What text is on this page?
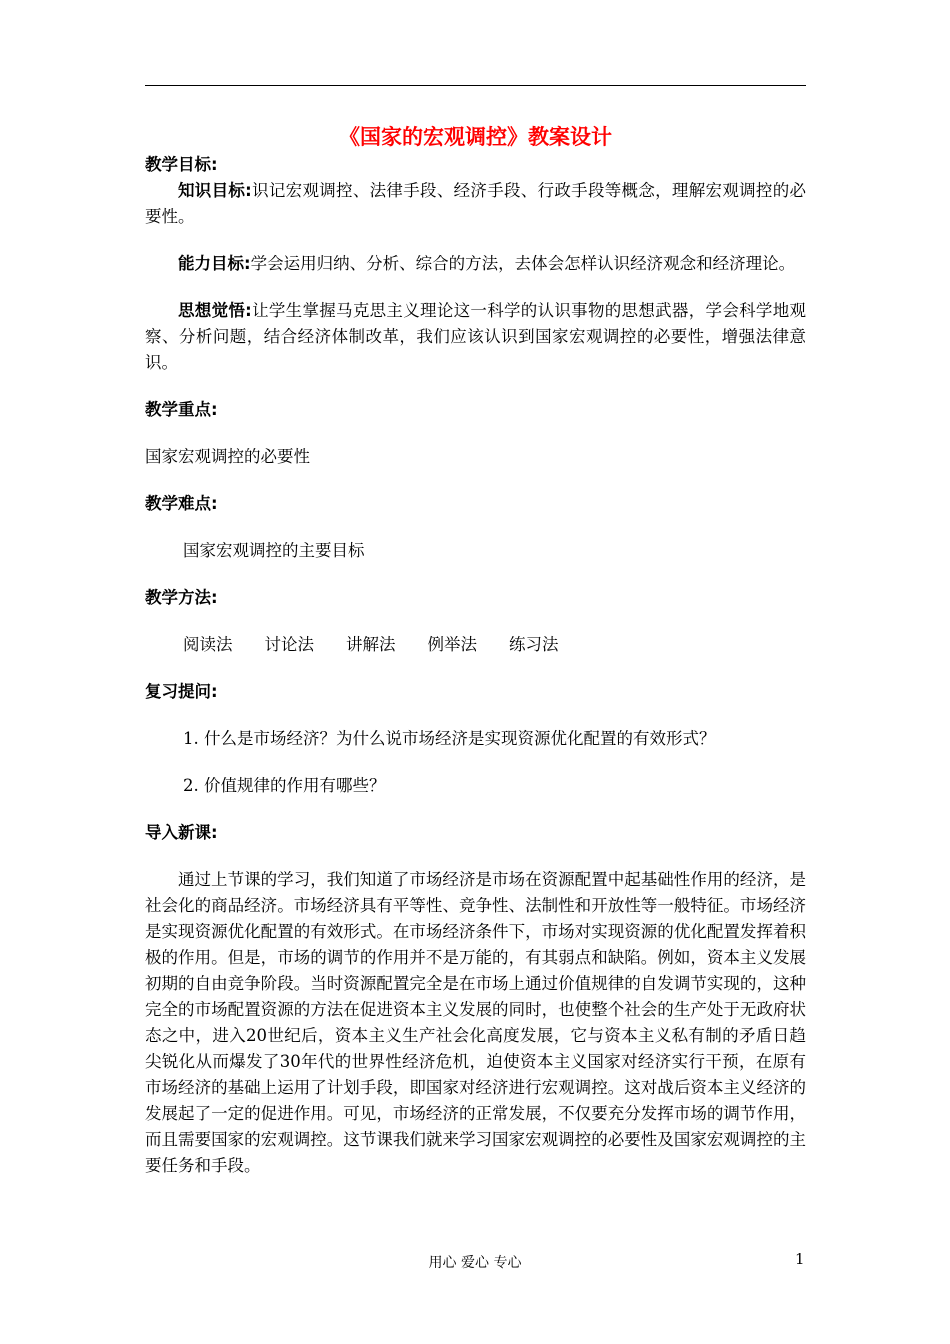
《国家的宏观调控》教案设计

教学目标:

知识目标:识记宏观调控、法律手段、经济手段、行政手段等概念，理解宏观调控的必要性。

能力目标:学会运用归纳、分析、综合的方法，去体会怎样认识经济观念和经济理论。

思想觉悟:让学生掌握马克思主义理论这一科学的认识事物的思想武器，学会科学地观察、分析问题，结合经济体制改革，我们应该认识到国家宏观调控的必要性，增强法律意识。

教学重点:

国家宏观调控的必要性

教学难点:

国家宏观调控的主要目标

教学方法:

阅读法 讨论法 讲解法 例举法 练习法

复习提问:

1. 什么是市场经济？为什么说市场经济是实现资源优化配置的有效形式？

2. 价值规律的作用有哪些？

导入新课:

通过上节课的学习，我们知道了市场经济是市场在资源配置中起基础性作用的经济，是社会化的商品经济。市场经济具有平等性、竞争性、法制性和开放性等一般特征。市场经济是实现资源优化配置的有效形式。在市场经济条件下，市场对实现资源的优化配置发挥着积极的作用。但是，市场的调节的作用并不是万能的，有其弱点和缺陷。例如，资本主义发展初期的自由竞争阶段。当时资源配置完全是在市场上通过价值规律的自发调节实现的，这种完全的市场配置资源的方法在促进资本主义发展的同时，也使整个社会的生产处于无政府状态之中，进入20世纪后，资本主义生产社会化高度发展，它与资本主义私有制的矛盾日趋尖锐化从而爆发了30年代的世界性经济危机，迫使资本主义国家对经济实行干预，在原有市场经济的基础上运用了计划手段，即国家对经济进行宏观调控。这对战后资本主义经济的发展起了一定的促进作用。可见，市场经济的正常发展，不仅要充分发挥市场的调节作用，而且需要国家的宏观调控。这节课我们就来学习国家宏观调控的必要性及国家宏观调控的主要任务和手段。

用心 爱心 专心	1
